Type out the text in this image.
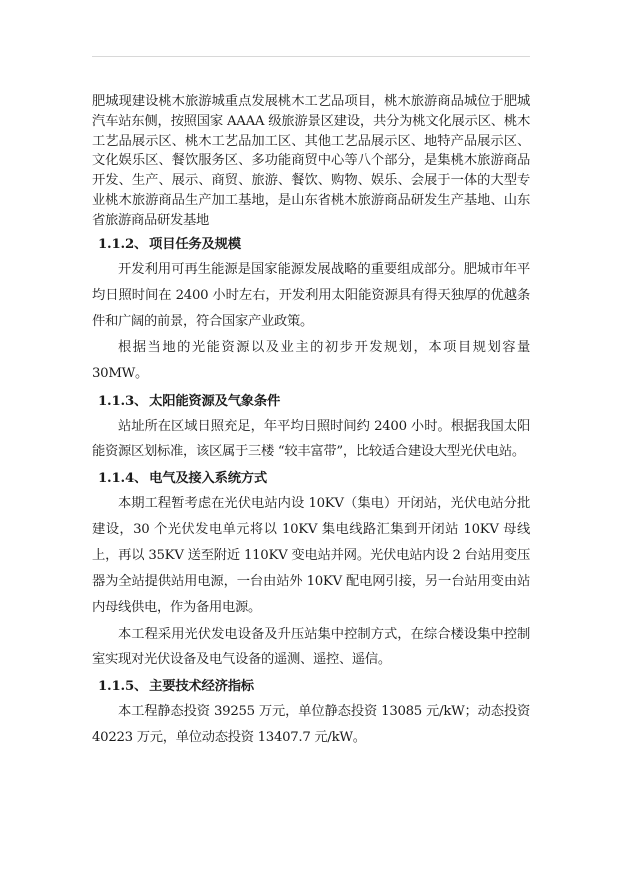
肥城现建设桃木旅游城重点发展桃木工艺品项目，桃木旅游商品城位于肥城汽车站东侧，按照国家 AAAA 级旅游景区建设，共分为桃文化展示区、桃木工艺品展示区、桃木工艺品加工区、其他工艺品展示区、地特产品展示区、文化娱乐区、餐饮服务区、多功能商贸中心等八个部分，是集桃木旅游商品开发、生产、展示、商贸、旅游、餐饮、购物、娱乐、会展于一体的大型专业桃木旅游商品生产加工基地，是山东省桃木旅游商品研发生产基地、山东省旅游商品研发基地

1.1.2、 项目任务及规模

开发利用可再生能源是国家能源发展战略的重要组成部分。肥城市年平均日照时间在 2400 小时左右，开发利用太阳能资源具有得天独厚的优越条件和广阔的前景，符合国家产业政策。

根据当地的光能资源以及业主的初步开发规划，本项目规划容量 30MW。

1.1.3、 太阳能资源及气象条件

站址所在区域日照充足，年平均日照时间约 2400 小时。根据我国太阳能资源区划标准，该区属于三楼 “较丰富带”，比较适合建设大型光伏电站。

1.1.4、 电气及接入系统方式

本期工程暂考虑在光伏电站内设 10KV（集电）开闭站，光伏电站分批建设，30 个光伏发电单元将以 10KV 集电线路汇集到开闭站 10KV 母线上，再以 35KV 送至附近 110KV 变电站并网。光伏电站内设 2 台站用变压器为全站提供站用电源，一台由站外 10KV 配电网引接，另一台站用变由站内母线供电，作为备用电源。

本工程采用光伏发电设备及升压站集中控制方式，在综合楼设集中控制室实现对光伏设备及电气设备的遥测、遥控、遥信。

1.1.5、 主要技术经济指标

本工程静态投资 39255 万元，单位静态投资 13085 元/kW；动态投资 40223 万元，单位动态投资 13407.7 元/kW。
